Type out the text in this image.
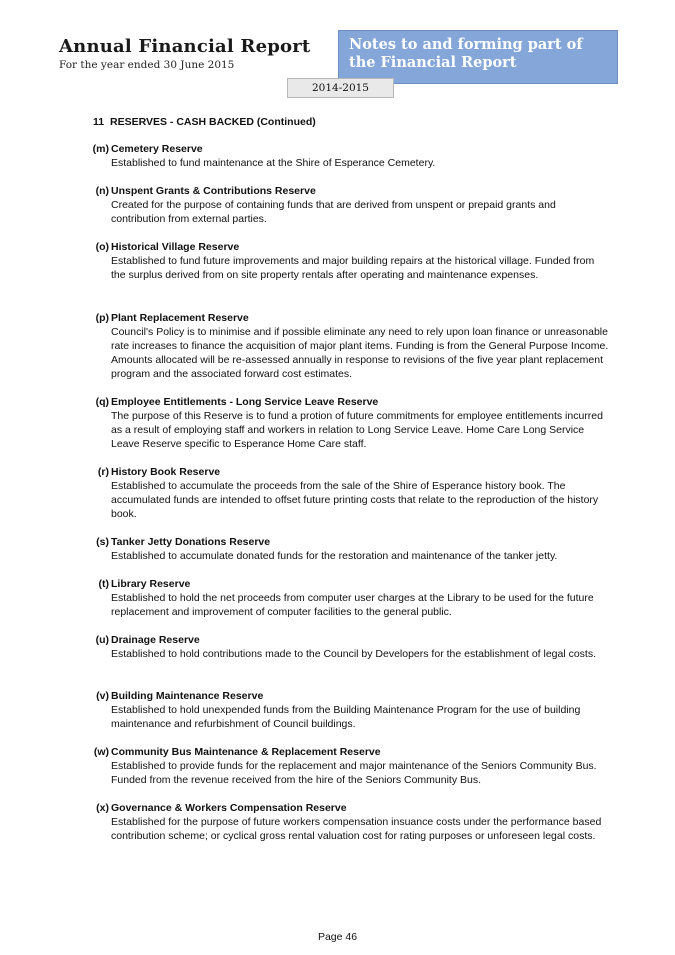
Annual Financial Report
For the year ended 30 June 2015
Notes to and forming part of the Financial Report
2014-2015
11 RESERVES - CASH BACKED (Continued)
(m) Cemetery Reserve
Established to fund maintenance at the Shire of Esperance Cemetery.
(n) Unspent Grants & Contributions Reserve
Created for the purpose of containing funds that are derived from unspent or prepaid grants and contribution from external parties.
(o) Historical Village Reserve
Established to fund future improvements and major building repairs at the historical village. Funded from the surplus derived from on site property rentals after operating and maintenance expenses.
(p) Plant Replacement Reserve
Council's Policy is to minimise and if possible eliminate any need to rely upon loan finance or unreasonable rate increases to finance the acquisition of major plant items. Funding is from the General Purpose Income. Amounts allocated will be re-assessed annually in response to revisions of the five year plant replacement program and the associated forward cost estimates.
(q) Employee Entitlements - Long Service Leave Reserve
The purpose of this Reserve is to fund a protion of future commitments for employee entitlements incurred as a result of employing staff and workers in relation to Long Service Leave. Home Care Long Service Leave Reserve specific to Esperance Home Care staff.
(r) History Book Reserve
Established to accumulate the proceeds from the sale of the Shire of Esperance history book. The accumulated funds are intended to offset future printing costs that relate to the reproduction of the history book.
(s) Tanker Jetty Donations Reserve
Established to accumulate donated funds for the restoration and maintenance of the tanker jetty.
(t) Library Reserve
Established to hold the net proceeds from computer user charges at the Library to be used for the future replacement and improvement of computer facilities to the general public.
(u) Drainage Reserve
Established to hold contributions made to the Council by Developers for the establishment of legal costs.
(v) Building Maintenance Reserve
Established to hold unexpended funds from the Building Maintenance Program for the use of building maintenance and refurbishment of Council buildings.
(w) Community Bus Maintenance & Replacement Reserve
Established to provide funds for the replacement and major maintenance of the Seniors Community Bus. Funded from the revenue received from the hire of the Seniors Community Bus.
(x) Governance & Workers Compensation Reserve
Established for the purpose of future workers compensation insuance costs under the performance based contribution scheme; or cyclical gross rental valuation cost for rating purposes or unforeseen legal costs.
Page 46
